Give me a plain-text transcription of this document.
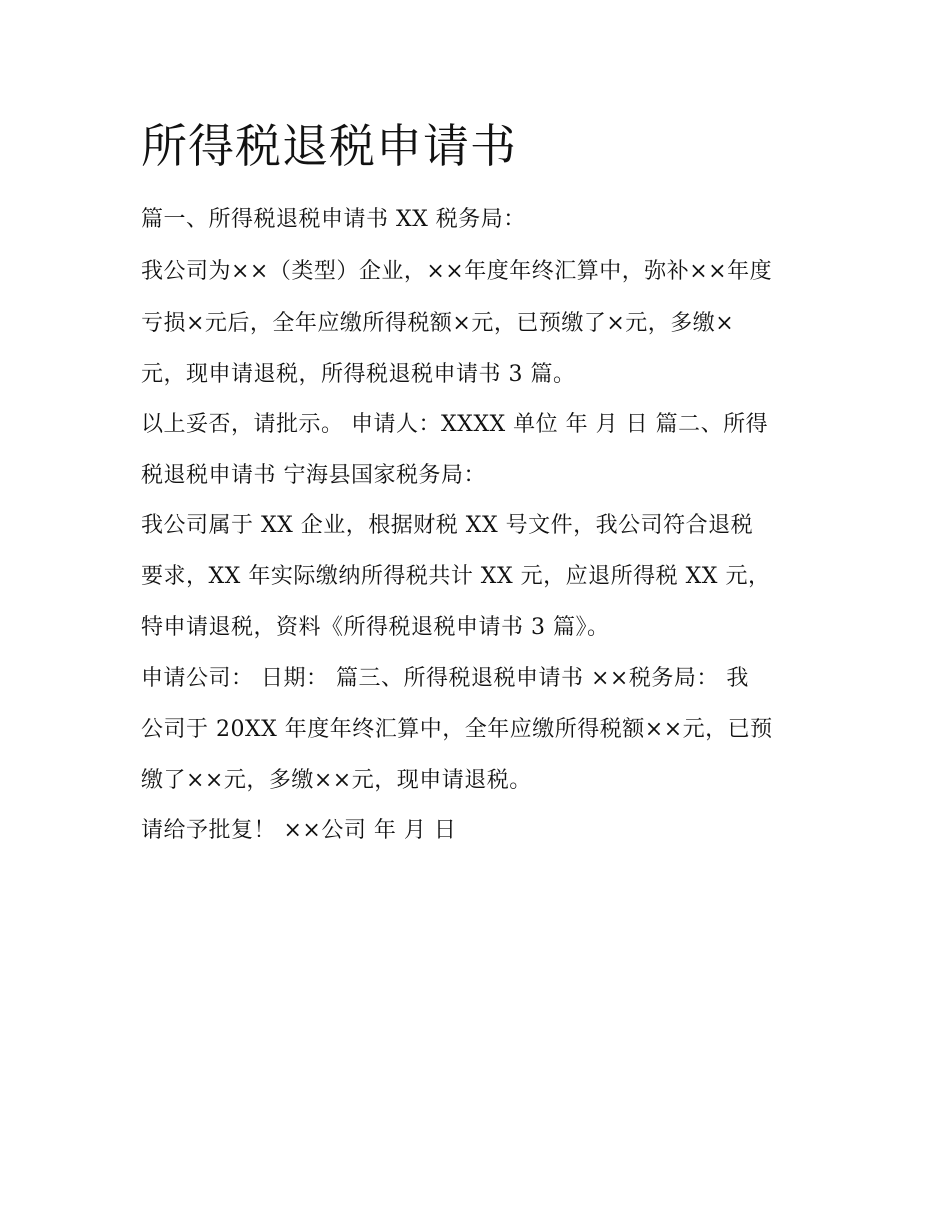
所得税退税申请书

篇一、所得税退税申请书 XX 税务局：

我公司为××（类型）企业，××年度年终汇算中，弥补××年度

亏损×元后，全年应缴所得税额×元，已预缴了×元，多缴×

元，现申请退税，所得税退税申请书 3 篇。

以上妥否，请批示。 申请人：XXXX 单位 年 月 日 篇二、所得

税退税申请书 宁海县国家税务局：

我公司属于 XX 企业，根据财税 XX 号文件，我公司符合退税

要求，XX 年实际缴纳所得税共计 XX 元，应退所得税 XX 元，

特申请退税，资料《所得税退税申请书 3 篇》。

申请公司： 日期： 篇三、所得税退税申请书 ××税务局： 我

公司于 20XX 年度年终汇算中，全年应缴所得税额××元，已预

缴了××元，多缴××元，现申请退税。

请给予批复！ ××公司 年 月 日
